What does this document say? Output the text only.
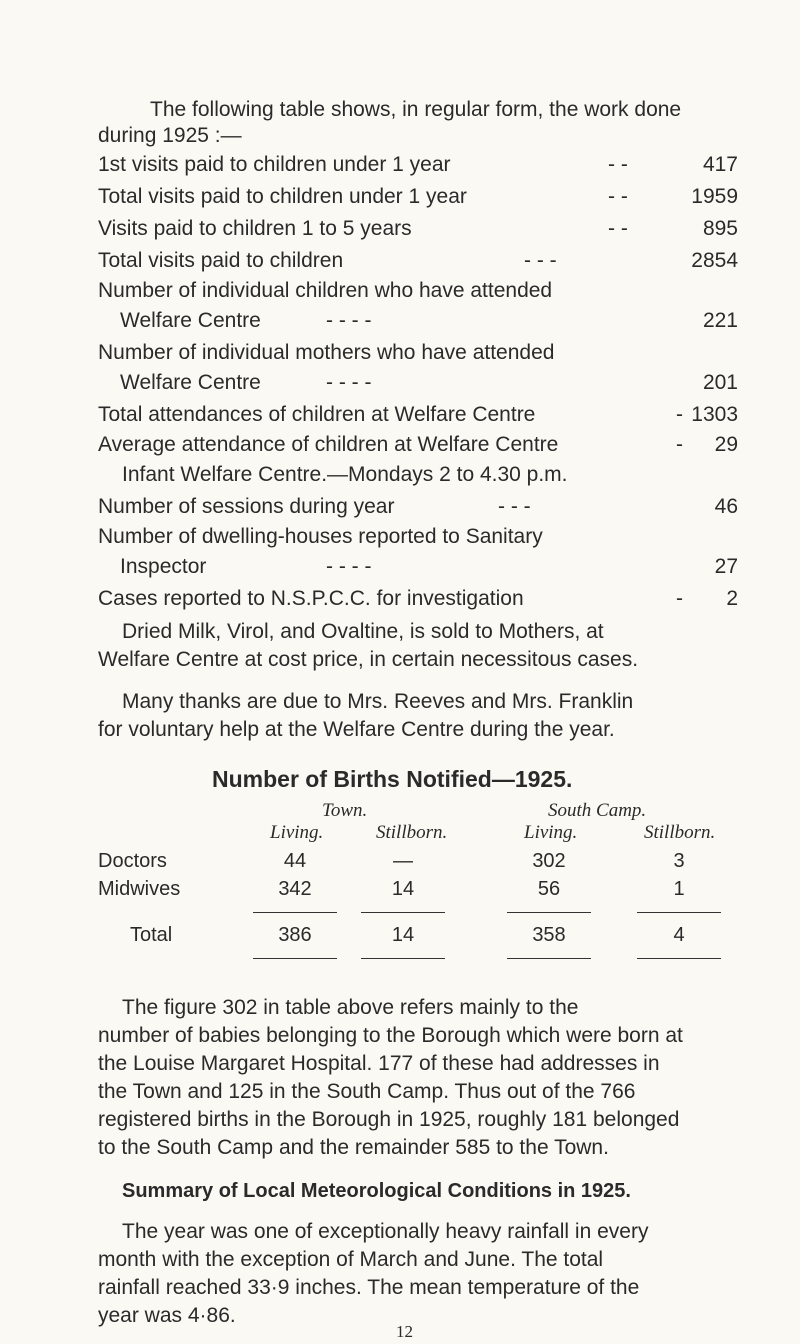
The following table shows, in regular form, the work done
during 1925 :—
1st visits paid to children under 1 year	- -	417
Total visits paid to children under 1 year	- -	1959
Visits paid to children 1 to 5 years	- -	895
Total visits paid to children	- - -	2854
Number of individual children who have attended
Welfare Centre	- - - -	221
Number of individual mothers who have attended
Welfare Centre	- - - -	201
Total attendances of children at Welfare Centre	- 1303
Average attendance of children at Welfare Centre	- 29
Infant Welfare Centre.—Mondays 2 to 4.30 p.m.
Number of sessions during year	- - -	46
Number of dwelling-houses reported to Sanitary
Inspector	- - - -	27
Cases reported to N.S.P.C.C. for investigation	- 2
Dried Milk, Virol, and Ovaltine, is sold to Mothers, at
Welfare Centre at cost price, in certain necessitous cases.
Many thanks are due to Mrs. Reeves and Mrs. Franklin
for voluntary help at the Welfare Centre during the year.
Number of Births Notified—1925.
Town.	South Camp.
Living.	Stillborn.	Living.	Stillborn.
Doctors	44	—	302	3
Midwives	342	14	56	1
Total	386	14	358	4
The figure 302 in table above refers mainly to the
number of babies belonging to the Borough which were born at
the Louise Margaret Hospital. 177 of these had addresses in
the Town and 125 in the South Camp. Thus out of the 766
registered births in the Borough in 1925, roughly 181 belonged
to the South Camp and the remainder 585 to the Town.
Summary of Local Meteorological Conditions in 1925.
The year was one of exceptionally heavy rainfall in every
month with the exception of March and June. The total
rainfall reached 33·9 inches. The mean temperature of the
year was 4·86.
12
